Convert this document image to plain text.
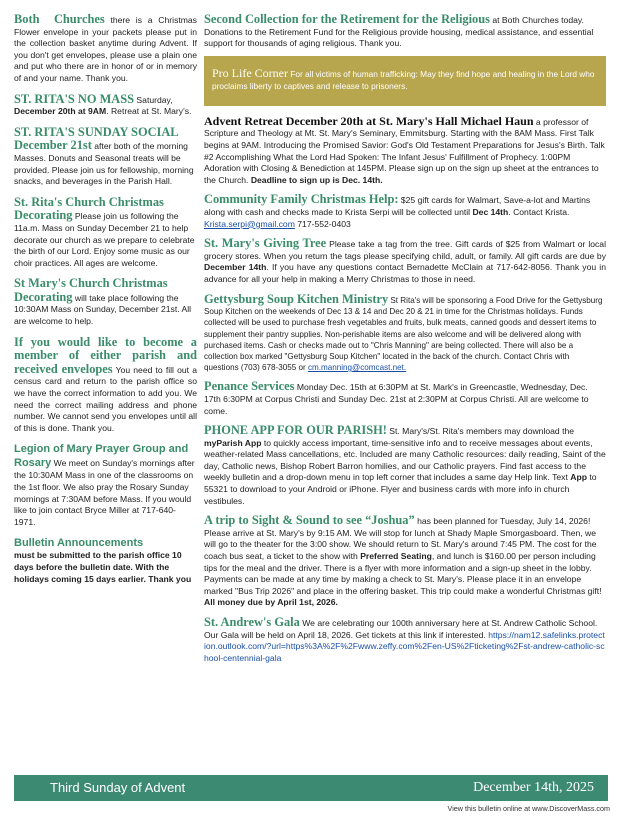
Both Churches there is a Christmas Flower envelope in your packets please put in the collection basket anytime during Advent. If you don't get envelopes, please use a plain one and put who there are in honor of or in memory of and your name. Thank you.
ST. RITA'S NO MASS Saturday, December 20th at 9AM. Retreat at St. Mary's.
ST. RITA'S SUNDAY SOCIAL December 21st after both of the morning Masses. Donuts and Seasonal treats will be provided. Please join us for fellowship, morning snacks, and beverages in the Parish Hall.
St. Rita's Church Christmas Decorating Please join us following the 11a.m. Mass on Sunday December 21 to help decorate our church as we prepare to celebrate the birth of our Lord. Enjoy some music as our choir practices. All ages are welcome.
St Mary's Church Christmas Decorating will take place following the 10:30AM Mass on Sunday, December 21st. All are welcome to help.
If you would like to become a member of either parish and received envelopes You need to fill out a census card and return to the parish office so we have the correct information to add you. We need the correct mailing address and phone number. We cannot send you envelopes until all of this is done. Thank you.
Legion of Mary Prayer Group and Rosary We meet on Sunday's mornings after the 10:30AM Mass in one of the classrooms on the 1st floor. We also pray the Rosary Sunday mornings at 7:30AM before Mass. If you would like to join contact Bryce Miller at 717-640-1971.
Bulletin Announcements
must be submitted to the parish office 10 days before the bulletin date. With the holidays coming 15 days earlier. Thank you
Second Collection for the Retirement for the Religious at Both Churches today. Donations to the Retirement Fund for the Religious provide housing, medical assistance, and essential support for thousands of aging religious. Thank you.
Pro Life Corner For all victims of human trafficking: May they find hope and healing in the Lord who proclaims liberty to captives and release to prisoners.
Advent Retreat December 20th at St. Mary's Hall Michael Haun a professor of Scripture and Theology at Mt. St. Mary's Seminary, Emmitsburg. Starting with the 8AM Mass. First Talk begins at 9AM. Introducing the Promised Savior: God's Old Testament Preparations for Jesus's Birth. Talk #2 Accomplishing What the Lord Had Spoken: The Infant Jesus' Fulfillment of Prophecy. 1:00PM Adoration with Closing & Benediction at 145PM. Please sign up on the sign up sheet at the entrances to the Church. Deadline to sign up is Dec. 14th.
Community Family Christmas Help: $25 gift cards for Walmart, Save-a-lot and Martins along with cash and checks made to Krista Serpi will be collected until Dec 14th. Contact Krista. Krista.serpi@gmail.com 717-552-0403
St. Mary's Giving Tree Please take a tag from the tree. Gift cards of $25 from Walmart or local grocery stores. When you return the tags please specifying child, adult, or family. All gift cards are due by December 14th. If you have any questions contact Bernadette McClain at 717-642-8056. Thank you in advance for all your help in making a Merry Christmas to those in need.
Gettysburg Soup Kitchen Ministry St Rita's will be sponsoring a Food Drive for the Gettysburg Soup Kitchen on the weekends of Dec 13 & 14 and Dec 20 & 21 in time for the Christmas holidays. Funds collected will be used to purchase fresh vegetables and fruits, bulk meats, canned goods and dessert items to supplement their pantry supplies. Non-perishable items are also welcome and will be delivered along with purchased items. Cash or checks made out to "Chris Manning" are being collected. There will also be a collection box marked "Gettysburg Soup Kitchen" located in the back of the church. Contact Chris with questions (703) 678-3055 or cm.manning@comcast.net.
Penance Services Monday Dec. 15th at 6:30PM at St. Mark's in Greencastle, Wednesday, Dec. 17th 6:30PM at Corpus Christi and Sunday Dec. 21st at 2:30PM at Corpus Christi. All are welcome to come.
PHONE APP FOR OUR PARISH! St. Mary's/St. Rita's members may download the myParish App to quickly access important, time-sensitive info and to receive messages about events, weather-related Mass cancellations, etc. Included are many Catholic resources: daily reading, Saint of the day, Catholic news, Bishop Robert Barron homilies, and our Catholic prayers. Find fast access to the weekly bulletin and a drop-down menu in top left corner that includes a same day Help link. Text App to 55321 to download to your Android or iPhone. Flyer and business cards with more info in church vestibules.
A trip to Sight & Sound to see “Joshua” has been planned for Tuesday, July 14, 2026! Please arrive at St. Mary's by 9:15 AM. We will stop for lunch at Shady Maple Smorgasboard. Then, we will go to the theater for the 3:00 show. We should return to St. Mary's around 7:45 PM. The cost for the coach bus seat, a ticket to the show with Preferred Seating, and lunch is $160.00 per person including tips for the meal and the driver. There is a flyer with more information and a sign-up sheet in the lobby. Payments can be made at any time by making a check to St. Mary's. Please place it in an envelope marked "Bus Trip 2026" and place in the offering basket. This trip could make a wonderful Christmas gift! All money due by April 1st, 2026.
St. Andrew's Gala We are celebrating our 100th anniversary here at St. Andrew Catholic School. Our Gala will be held on April 18, 2026. Get tickets at this link if interested. https://nam12.safelinks.protection.outlook.com/?url=https%3A%2F%2Fwww.zeffy.com%2Fen-US%2Fticketing%2Fst-andrew-catholic-school-centennial-gala
Third Sunday of Advent	December 14th, 2025
View this bulletin online at www.DiscoverMass.com
